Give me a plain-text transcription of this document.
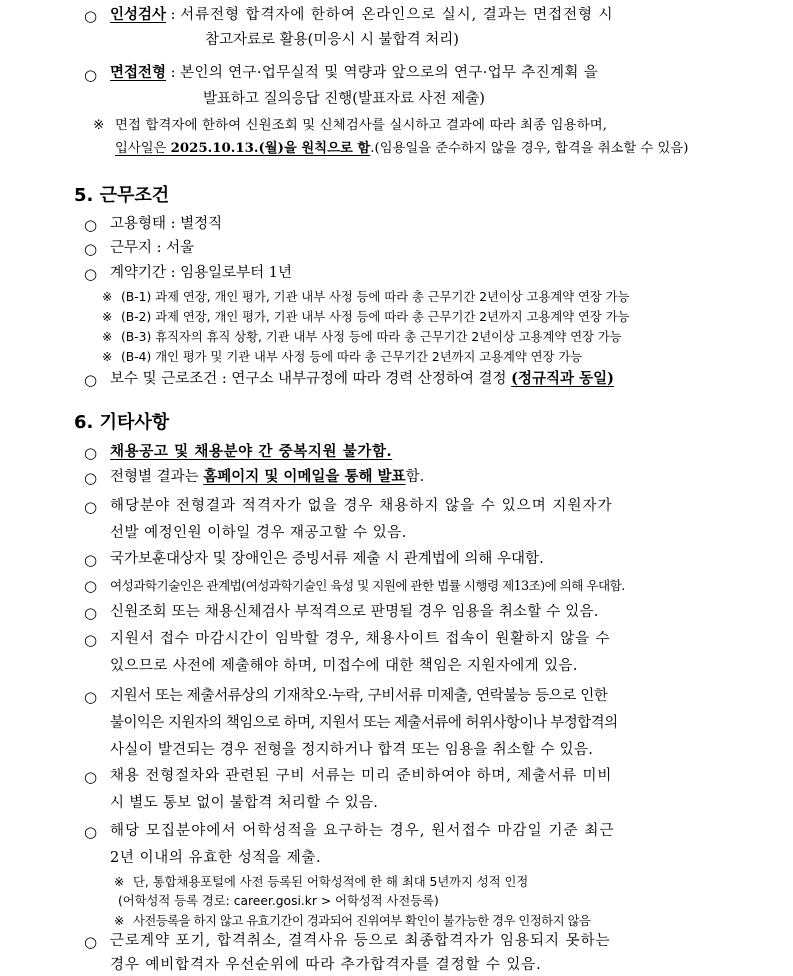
○ 인성검사 : 서류전형 합격자에 한하여 온라인으로 실시, 결과는 면접전형 시
참고자료로 활용(미응시 시 불합격 처리)
○ 면접전형 : 본인의 연구·업무실적 및 역량과 앞으로의 연구·업무 추진계획 을
발표하고 질의응답 진행(발표자료 사전 제출)
※ 면접 합격자에 한하여 신원조회 및 신체검사를 실시하고 결과에 따라 최종 임용하며,
입사일은 2025.10.13.(월)을 원칙으로 함.(임용일을 준수하지 않을 경우, 합격을 취소할 수 있음)
5. 근무조건
○ 고용형태 : 별정직
○ 근무지 : 서울
○ 계약기간 : 임용일로부터 1년
※ (B-1) 과제 연장, 개인 평가, 기관 내부 사정 등에 따라 총 근무기간 2년이상 고용계약 연장 가능
※ (B-2) 과제 연장, 개인 평가, 기관 내부 사정 등에 따라 총 근무기간 2년까지 고용계약 연장 가능
※ (B-3) 휴직자의 휴직 상황, 기관 내부 사정 등에 따라 총 근무기간 2년이상 고용계약 연장 가능
※ (B-4) 개인 평가 및 기관 내부 사정 등에 따라 총 근무기간 2년까지 고용계약 연장 가능
○ 보수 및 근로조건 : 연구소 내부규정에 따라 경력 산정하여 결정 (정규직과 동일)
6. 기타사항
○ 채용공고 및 채용분야 간 중복지원 불가함.
○ 전형별 결과는 홈페이지 및 이메일을 통해 발표함.
○ 해당분야 전형결과 적격자가 없을 경우 채용하지 않을 수 있으며 지원자가
선발 예정인원 이하일 경우 재공고할 수 있음.
○ 국가보훈대상자 및 장애인은 증빙서류 제출 시 관계법에 의해 우대함.
○ 여성과학기술인은 관계법(여성과학기술인 육성 및 지원에 관한 법률 시행령 제13조)에 의해 우대함.
○ 신원조회 또는 채용신체검사 부적격으로 판명될 경우 임용을 취소할 수 있음.
○ 지원서 접수 마감시간이 임박할 경우, 채용사이트 접속이 원활하지 않을 수
있으므로 사전에 제출해야 하며, 미접수에 대한 책임은 지원자에게 있음.
○ 지원서 또는 제출서류상의 기재착오·누락, 구비서류 미제출, 연락불능 등으로 인한
불이익은 지원자의 책임으로 하며, 지원서 또는 제출서류에 허위사항이나 부정합격의
사실이 발견되는 경우 전형을 정지하거나 합격 또는 임용을 취소할 수 있음.
○ 채용 전형절차와 관련된 구비 서류는 미리 준비하여야 하며, 제출서류 미비
시 별도 통보 없이 불합격 처리할 수 있음.
○ 해당 모집분야에서 어학성적을 요구하는 경우, 원서접수 마감일 기준 최근
2년 이내의 유효한 성적을 제출.
※ 단, 통합채용포털에 사전 등록된 어학성적에 한 해 최대 5년까지 성적 인정
(어학성적 등록 경로: career.gosi.kr > 어학성적 사전등록)
※ 사전등록을 하지 않고 유효기간이 경과되어 진위여부 확인이 불가능한 경우 인정하지 않음
○ 근로계약 포기, 합격취소, 결격사유 등으로 최종합격자가 임용되지 못하는
경우 예비합격자 우선순위에 따라 추가합격자를 결정할 수 있음.
